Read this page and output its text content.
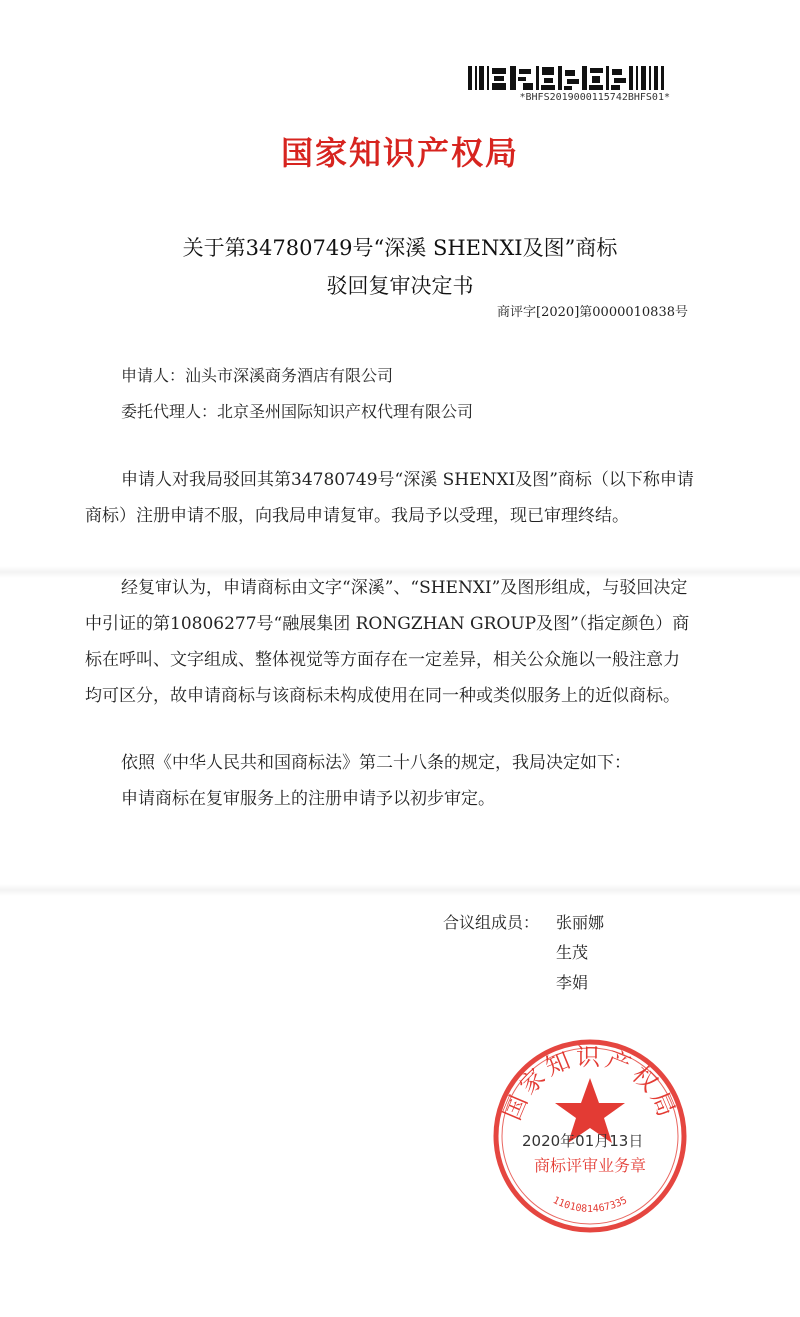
*BHFS2019000115742BHFS01*
国家知识产权局
关于第34780749号“深溪 SHENXI及图”商标
驳回复审决定书
商评字[2020]第0000010838号
申请人：汕头市深溪商务酒店有限公司
委托代理人：北京圣州国际知识产权代理有限公司

申请人对我局驳回其第34780749号“深溪 SHENXI及图”商标（以下称申请商标）注册申请不服，向我局申请复审。我局予以受理，现已审理终结。

经复审认为，申请商标由文字“深溪”、“SHENXI”及图形组成，与驳回决定中引证的第10806277号“融展集团 RONGZHAN GROUP及图”（指定颜色）商标在呼叫、文字组成、整体视觉等方面存在一定差异，相关公众施以一般注意力均可区分，故申请商标与该商标未构成使用在同一种或类似服务上的近似商标。

依照《中华人民共和国商标法》第二十八条的规定，我局决定如下：

申请商标在复审服务上的注册申请予以初步审定。

合议组成员： 张丽娜
生茂
李娟
国家知识产权局
商标评审业务章
1101081467335
2020年01月13日
